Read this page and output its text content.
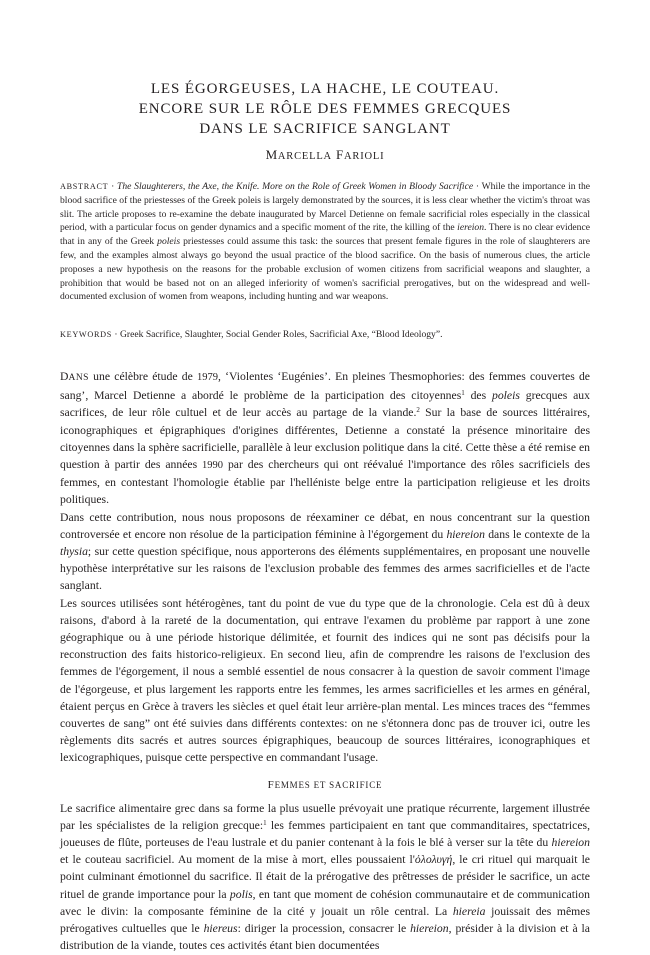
LES ÉGORGEUSES, LA HACHE, LE COUTEAU.
ENCORE SUR LE RÔLE DES FEMMES GRECQUES
DANS LE SACRIFICE SANGLANT
MARCELLA FARIOLI
ABSTRACT · The Slaughterers, the Axe, the Knife. More on the Role of Greek Women in Bloody Sacrifice · While the importance in the blood sacrifice of the priestesses of the Greek poleis is largely demonstrated by the sources, it is less clear whether the victim's throat was slit. The article proposes to re-examine the debate inaugurated by Marcel Detienne on female sacrificial roles especially in the classical period, with a particular focus on gender dynamics and a specific moment of the rite, the killing of the iereion. There is no clear evidence that in any of the Greek poleis priestesses could assume this task: the sources that present female figures in the role of slaughterers are few, and the examples almost always go beyond the usual practice of the blood sacrifice. On the basis of numerous clues, the article proposes a new hypothesis on the reasons for the probable exclusion of women citizens from sacrificial weapons and slaughter, a prohibition that would be based not on an alleged inferiority of women's sacrificial prerogatives, but on the widespread and well-documented exclusion of women from weapons, including hunting and war weapons.
KEYWORDS · Greek Sacrifice, Slaughter, Social Gender Roles, Sacrificial Axe, “Blood Ideology”.

DANS une célèbre étude de 1979, ‘Violentes ‘Eugénies’. En pleines Thesmophories: des femmes couvertes de sang’, Marcel Detienne a abordé le problème de la participation des citoyennes$^1$ des poleis grecques aux sacrifices, de leur rôle cultuel et de leur accès au partage de la viande.$^2$ Sur la base de sources littéraires, iconographiques et épigraphiques d'origines différentes, Detienne a constaté la présence minoritaire des citoyennes dans la sphère sacrificielle, parallèle à leur exclusion politique dans la cité. Cette thèse a été remise en question à partir des années 1990 par des chercheurs qui ont réévalué l'importance des rôles sacrificiels des femmes, en contestant l'homologie établie par l'helléniste belge entre la participation religieuse et les droits politiques.

Dans cette contribution, nous nous proposons de réexaminer ce débat, en nous concentrant sur la question controversée et encore non résolue de la participation féminine à l'égorgement du hiereion dans le contexte de la thysia; sur cette question spécifique, nous apporterons des éléments supplémentaires, en proposant une nouvelle hypothèse interprétative sur les raisons de l'exclusion probable des femmes des armes sacrificielles et de l'acte sanglant.

Les sources utilisées sont hétérogènes, tant du point de vue du type que de la chronologie. Cela est dû à deux raisons, d'abord à la rareté de la documentation, qui entrave l'examen du problème par rapport à une zone géographique ou à une période historique délimitée, et fournit des indices qui ne sont pas décisifs pour la reconstruction des faits historico-religieux. En second lieu, afin de comprendre les raisons de l'exclusion des femmes de l'égorgement, il nous a semblé essentiel de nous consacrer à la question de savoir comment l'image de l'égorgeuse, et plus largement les rapports entre les femmes, les armes sacrificielles et les armes en général, étaient perçus en Grèce à travers les siècles et quel était leur arrière-plan mental. Les minces traces des “femmes couvertes de sang” ont été suivies dans différents contextes: on ne s'étonnera donc pas de trouver ici, outre les règlements dits sacrés et autres sources épigraphiques, beaucoup de sources littéraires, iconographiques et lexicographiques, puisque cette perspective en commandant l'usage.

FEMMES ET SACRIFICE

Le sacrifice alimentaire grec dans sa forme la plus usuelle prévoyait une pratique récurrente, largement illustrée par les spécialistes de la religion grecque:$^1$ les femmes participaient en tant que commanditaires, spectatrices, joueuses de flûte, porteuses de l'eau lustrale et du panier contenant à la fois le blé à verser sur la tête du hiereion et le couteau sacrificiel. Au moment de la mise à mort, elles poussaient l'ὀλολυγή, le cri rituel qui marquait le point culminant émotionnel du sacrifice. Il était de la prérogative des prêtresses de présider le sacrifice, un acte rituel de grande importance pour la polis, en tant que moment de cohésion communautaire et de communication avec le divin: la composante féminine de la cité y jouait un rôle central. La hiereia jouissait des mêmes prérogatives cultuelles que le hiereus: diriger la procession, consacrer le hiereion, présider à la division et à la distribution de la viande, toutes ces activités étant bien documentées
